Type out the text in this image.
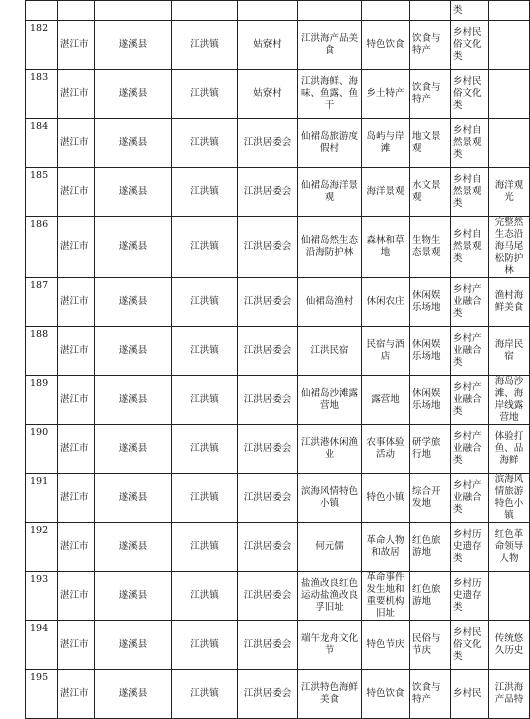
								类	
182	湛江市	遂溪县	江洪镇	姑寮村	江洪海产品美食	特色饮食	饮食与特产	乡村民俗文化类	
183	湛江市	遂溪县	江洪镇	姑寮村	江洪海鲜、海味、鱼露、鱼干	乡土特产	饮食与特产	乡村民俗文化类	
184	湛江市	遂溪县	江洪镇	江洪居委会	仙裙岛旅游度假村	岛屿与岸滩	地文景观	乡村自然景观类	
185	湛江市	遂溪县	江洪镇	江洪居委会	仙裙岛海洋景观	海洋景观	水文景观	乡村自然景观类	海洋观光
186	湛江市	遂溪县	江洪镇	江洪居委会	仙裙岛然生态沿海防护林	森林和草地	生物生态景观	乡村自然景观类	完整然生态沿海马尾松防护林
187	湛江市	遂溪县	江洪镇	江洪居委会	仙裙岛渔村	休闲农庄	休闲娱乐场地	乡村产业融合类	渔村海鲜美食
188	湛江市	遂溪县	江洪镇	江洪居委会	江洪民宿	民宿与酒店	休闲娱乐场地	乡村产业融合类	海岸民宿
189	湛江市	遂溪县	江洪镇	江洪居委会	仙裙岛沙滩露营地	露营地	休闲娱乐场地	乡村产业融合类	海岛沙滩、海岸线露营地
190	湛江市	遂溪县	江洪镇	江洪居委会	江洪港休闲渔业	农事体验活动	研学旅行地	乡村产业融合类	体验打鱼、品海鲜
191	湛江市	遂溪县	江洪镇	江洪居委会	滨海风情特色小镇	特色小镇	综合开发地	乡村产业融合类	滨海风情旅游特色小镇
192	湛江市	遂溪县	江洪镇	江洪居委会	何元儒	革命人物和故居	红色旅游地	乡村历史遗存类	红色革命领导人物
193	湛江市	遂溪县	江洪镇	江洪居委会	盐渔改良红色运动盐渔改良孚旧址	革命事件发生地和重要机构旧址	红色旅游地	乡村历史遗存类	
194	湛江市	遂溪县	江洪镇	江洪居委会	端午龙舟文化节	特色节庆	民俗与节庆	乡村民俗文化类	传统悠久历史
195	湛江市	遂溪县	江洪镇	江洪居委会	江洪特色海鲜美食	特色饮食	饮食与特产	乡村民	江洪海产品特
